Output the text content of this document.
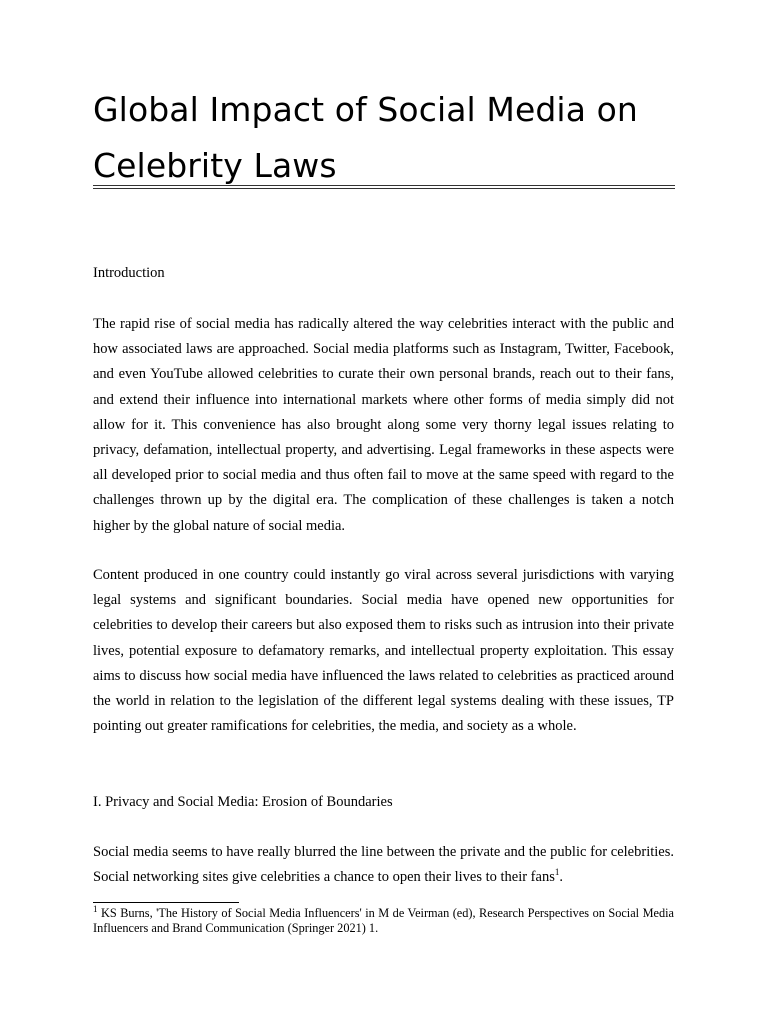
Global Impact of Social Media on Celebrity Laws

Introduction

The rapid rise of social media has radically altered the way celebrities interact with the public and how associated laws are approached. Social media platforms such as Instagram, Twitter, Facebook, and even YouTube allowed celebrities to curate their own personal brands, reach out to their fans, and extend their influence into international markets where other forms of media simply did not allow for it. This convenience has also brought along some very thorny legal issues relating to privacy, defamation, intellectual property, and advertising. Legal frameworks in these aspects were all developed prior to social media and thus often fail to move at the same speed with regard to the challenges thrown up by the digital era. The complication of these challenges is taken a notch higher by the global nature of social media.

Content produced in one country could instantly go viral across several jurisdictions with varying legal systems and significant boundaries. Social media have opened new opportunities for celebrities to develop their careers but also exposed them to risks such as intrusion into their private lives, potential exposure to defamatory remarks, and intellectual property exploitation. This essay aims to discuss how social media have influenced the laws related to celebrities as practiced around the world in relation to the legislation of the different legal systems dealing with these issues, TP pointing out greater ramifications for celebrities, the media, and society as a whole.

I. Privacy and Social Media: Erosion of Boundaries

Social media seems to have really blurred the line between the private and the public for celebrities. Social networking sites give celebrities a chance to open their lives to their fans$^1$.

$^1$ KS Burns, 'The History of Social Media Influencers' in M de Veirman (ed), Research Perspectives on Social Media Influencers and Brand Communication (Springer 2021) 1.
